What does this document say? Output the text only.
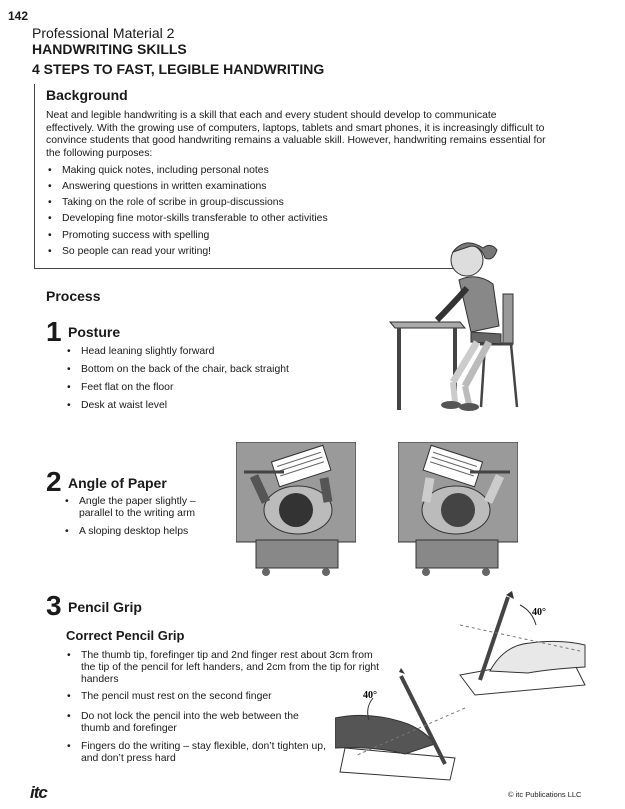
142
Professional Material 2
HANDWRITING SKILLS
4 STEPS TO FAST, LEGIBLE HANDWRITING
Background
Neat and legible handwriting is a skill that each and every student should develop to communicate effectively. With the growing use of computers, laptops, tablets and smart phones, it is increasingly difficult to convince students that good handwriting remains a valuable skill. However, handwriting remains essential for the following purposes:
• Making quick notes, including personal notes
• Answering questions in written examinations
• Taking on the role of scribe in group-discussions
• Developing fine motor-skills transferable to other activities
• Promoting success with spelling
• So people can read your writing!
Process
1 Posture
• Head leaning slightly forward
• Bottom on the back of the chair, back straight
• Feet flat on the floor
• Desk at waist level
2 Angle of Paper
• Angle the paper slightly – parallel to the writing arm
• A sloping desktop helps
3 Pencil Grip
Correct Pencil Grip
• The thumb tip, forefinger tip and 2nd finger rest about 3cm from the tip of the pencil for left handers, and 2cm from the tip for right handers
• The pencil must rest on the second finger
• Do not lock the pencil into the web between the thumb and forefinger
• Fingers do the writing – stay flexible, don’t tighten up, and don’t press hard
40°
40°
itc	© itc Publications LLC
